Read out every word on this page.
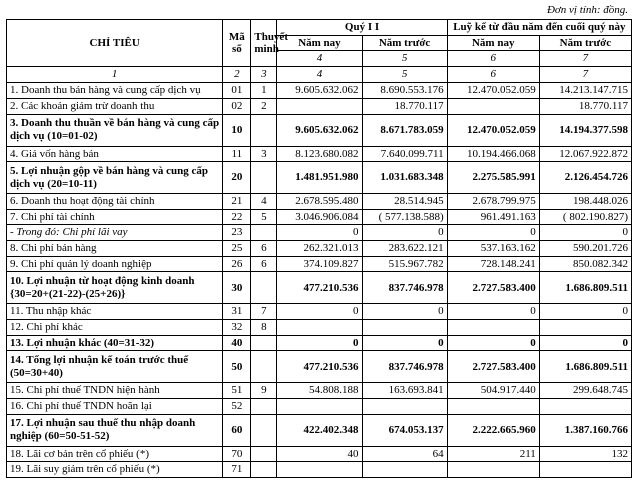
Đơn vị tính: đồng.
CHỈ TIÊU	Mã số	Thuyết minh	Quý I I		Luỹ kế từ đầu năm đến cuối quý này	
			Năm nay	Năm trước	Năm nay	Năm trước
			4	5	6	7
1	2	3	4	5	6	7
1. Doanh thu bán hàng và cung cấp dịch vụ	01	1	9.605.632.062	8.690.553.176	12.470.052.059	14.213.147.715
2. Các khoản giảm trừ doanh thu	02	2		18.770.117		18.770.117
3. Doanh thu thuần về bán hàng và cung cấp dịch vụ (10=01-02)	10		9.605.632.062	8.671.783.059	12.470.052.059	14.194.377.598
4. Giá vốn hàng bán	11	3	8.123.680.082	7.640.099.711	10.194.466.068	12.067.922.872
5. Lợi nhuận gộp về bán hàng và cung cấp dịch vụ (20=10-11)	20		1.481.951.980	1.031.683.348	2.275.585.991	2.126.454.726
6. Doanh thu hoạt động tài chính	21	4	2.678.595.480	28.514.945	2.678.799.975	198.448.026
7. Chi phí tài chính	22	5	3.046.906.084	( 577.138.588)	961.491.163	( 802.190.827)
- Trong đó: Chi phí lãi vay	23		0	0	0	0
8. Chi phí bán hàng	25	6	262.321.013	283.622.121	537.163.162	590.201.726
9. Chi phí quản lý doanh nghiệp	26	6	374.109.827	515.967.782	728.148.241	850.082.342
10. Lợi nhuận từ hoạt động kinh doanh {30=20+(21-22)-(25+26)}	30		477.210.536	837.746.978	2.727.583.400	1.686.809.511
11. Thu nhập khác	31	7	0	0	0	0
12. Chi phí khác	32	8				
13. Lợi nhuận khác (40=31-32)	40		0	0	0	0
14. Tổng lợi nhuận kế toán trước thuế (50=30+40)	50		477.210.536	837.746.978	2.727.583.400	1.686.809.511
15. Chi phí thuế TNDN hiện hành	51	9	54.808.188	163.693.841	504.917.440	299.648.745
16. Chi phí thuế TNDN hoãn lại	52					
17. Lợi nhuận sau thuế thu nhập doanh nghiệp (60=50-51-52)	60		422.402.348	674.053.137	2.222.665.960	1.387.160.766
18. Lãi cơ bản trên cổ phiếu (*)	70		40	64	211	132
19. Lãi suy giảm trên cổ phiếu (*)	71					
